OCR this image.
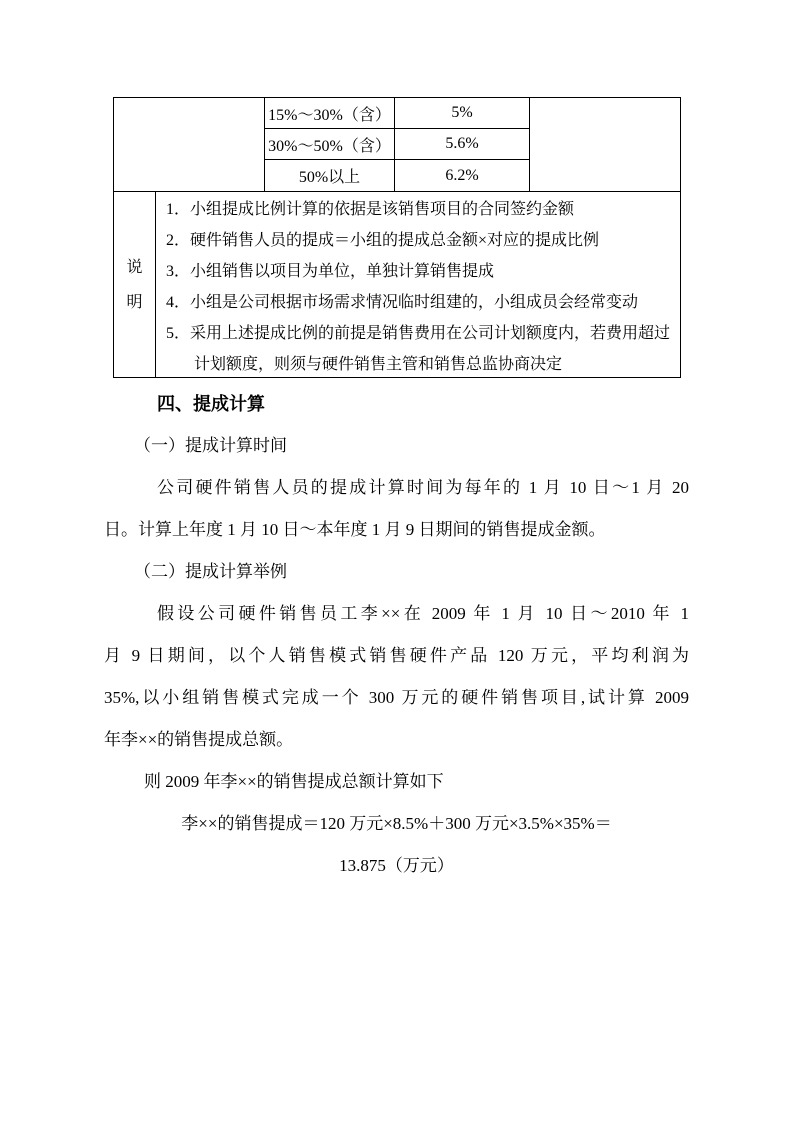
15%～30%（含）	5%
30%～50%（含）	5.6%
50%以上	6.2%
说
明
1．小组提成比例计算的依据是该销售项目的合同签约金额
2．硬件销售人员的提成＝小组的提成总金额×对应的提成比例
3．小组销售以项目为单位，单独计算销售提成
4．小组是公司根据市场需求情况临时组建的，小组成员会经常变动
5．采用上述提成比例的前提是销售费用在公司计划额度内，若费用超过
计划额度，则须与硬件销售主管和销售总监协商决定
四、提成计算
（一）提成计算时间
公司硬件销售人员的提成计算时间为每年的 1 月 10 日～1 月 20
日。计算上年度 1 月 10 日～本年度 1 月 9 日期间的销售提成金额。
（二）提成计算举例
假设公司硬件销售员工李××在 2009 年 1 月 10 日～2010 年 1
月 9 日期间，以个人销售模式销售硬件产品 120 万元，平均利润为
35%,以小组销售模式完成一个 300 万元的硬件销售项目,试计算 2009
年李××的销售提成总额。
则 2009 年李××的销售提成总额计算如下
李××的销售提成＝120 万元×8.5%＋300 万元×3.5%×35%＝
13.875（万元）
